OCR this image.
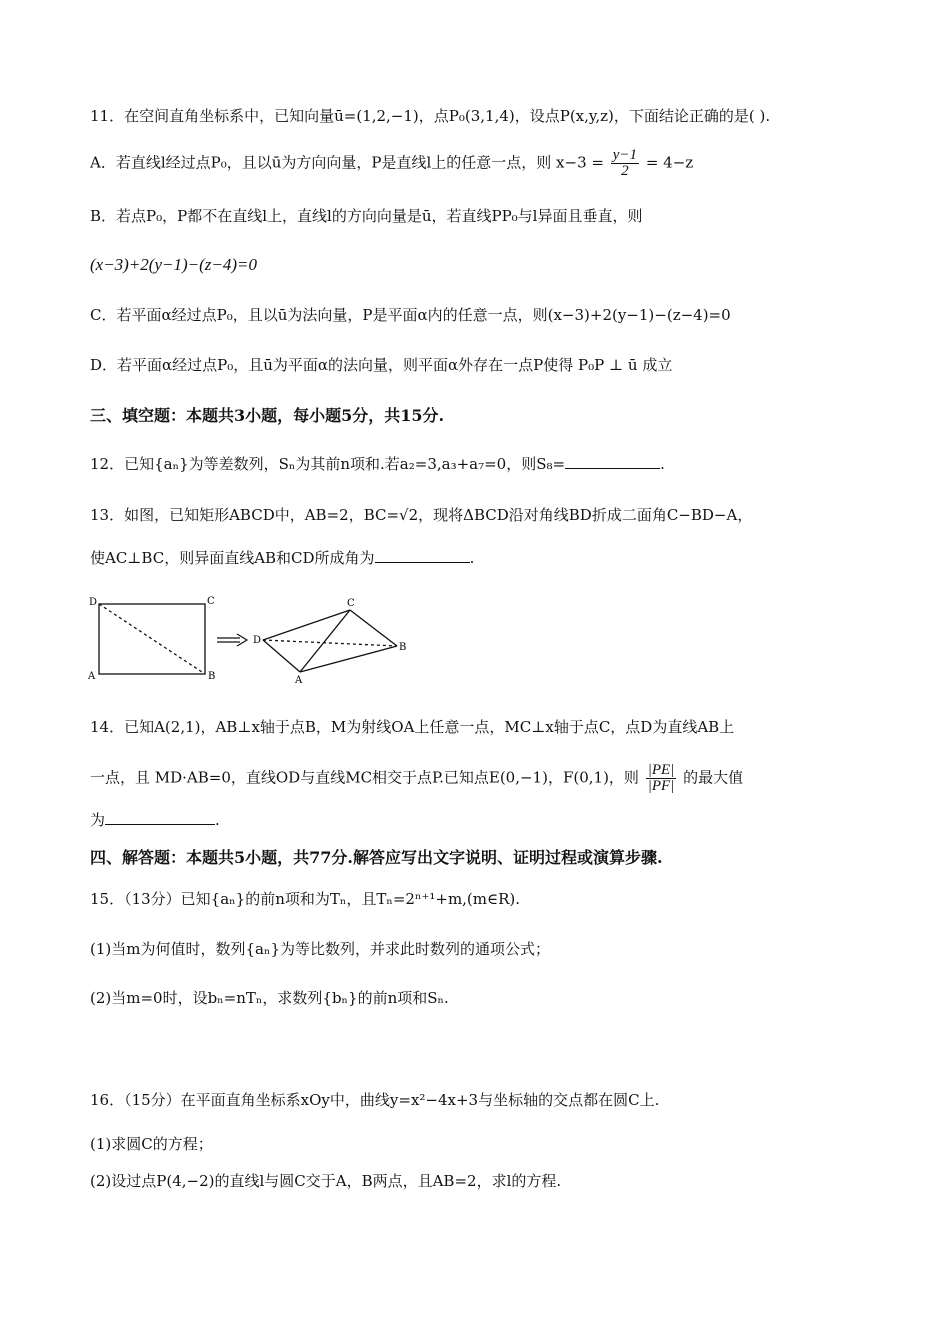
11．在空间直角坐标系中，已知向量ū=(1,2,−1)，点P₀(3,1,4)，设点P(x,y,z)，下面结论正确的是( ).
A．若直线l经过点P₀，且以ū为方向向量，P是直线l上的任意一点，则 $x-3 = \frac{y-1}{2} = 4-z$
B．若点P₀，P都不在直线l上，直线l的方向向量是ū，若直线PP₀与l异面且垂直，则
(x−3)+2(y−1)−(z−4)=0
C．若平面α经过点P₀，且以ū为法向量，P是平面α内的任意一点，则(x−3)+2(y−1)−(z−4)=0
D．若平面α经过点P₀，且ū为平面α的法向量，则平面α外存在一点P使得 P₀P ⊥ ū 成立
三、填空题：本题共3小题，每小题5分，共15分.
12．已知{aₙ}为等差数列，Sₙ为其前n项和.若a₂=3,a₃+a₇=0，则S₈=	.
13．如图，已知矩形ABCD中，AB=2，BC=√2，现将ΔBCD沿对角线BD折成二面角C−BD−A，
使AC⊥BC，则异面直线AB和CD所成角为	.
D	C
A	B
C
D
B
A
14．已知A(2,1)，AB⊥x轴于点B，M为射线OA上任意一点，MC⊥x轴于点C，点D为直线AB上
一点，且 MD·AB=0，直线OD与直线MC相交于点P.已知点E(0,−1)，F(0,1)，则 $\frac{|PE|}{|PF|}$ 的最大值
为	.
四、解答题：本题共5小题，共77分.解答应写出文字说明、证明过程或演算步骤.
15．（13分）已知{aₙ}的前n项和为Tₙ，且Tₙ=2ⁿ⁺¹+m,(m∈R).
(1)当m为何值时，数列{aₙ}为等比数列，并求此时数列的通项公式；
(2)当m=0时，设bₙ=nTₙ，求数列{bₙ}的前n项和Sₙ.
16．（15分）在平面直角坐标系xOy中，曲线y=x²−4x+3与坐标轴的交点都在圆C上.
(1)求圆C的方程；
(2)设过点P(4,−2)的直线l与圆C交于A，B两点，且AB=2，求l的方程.
